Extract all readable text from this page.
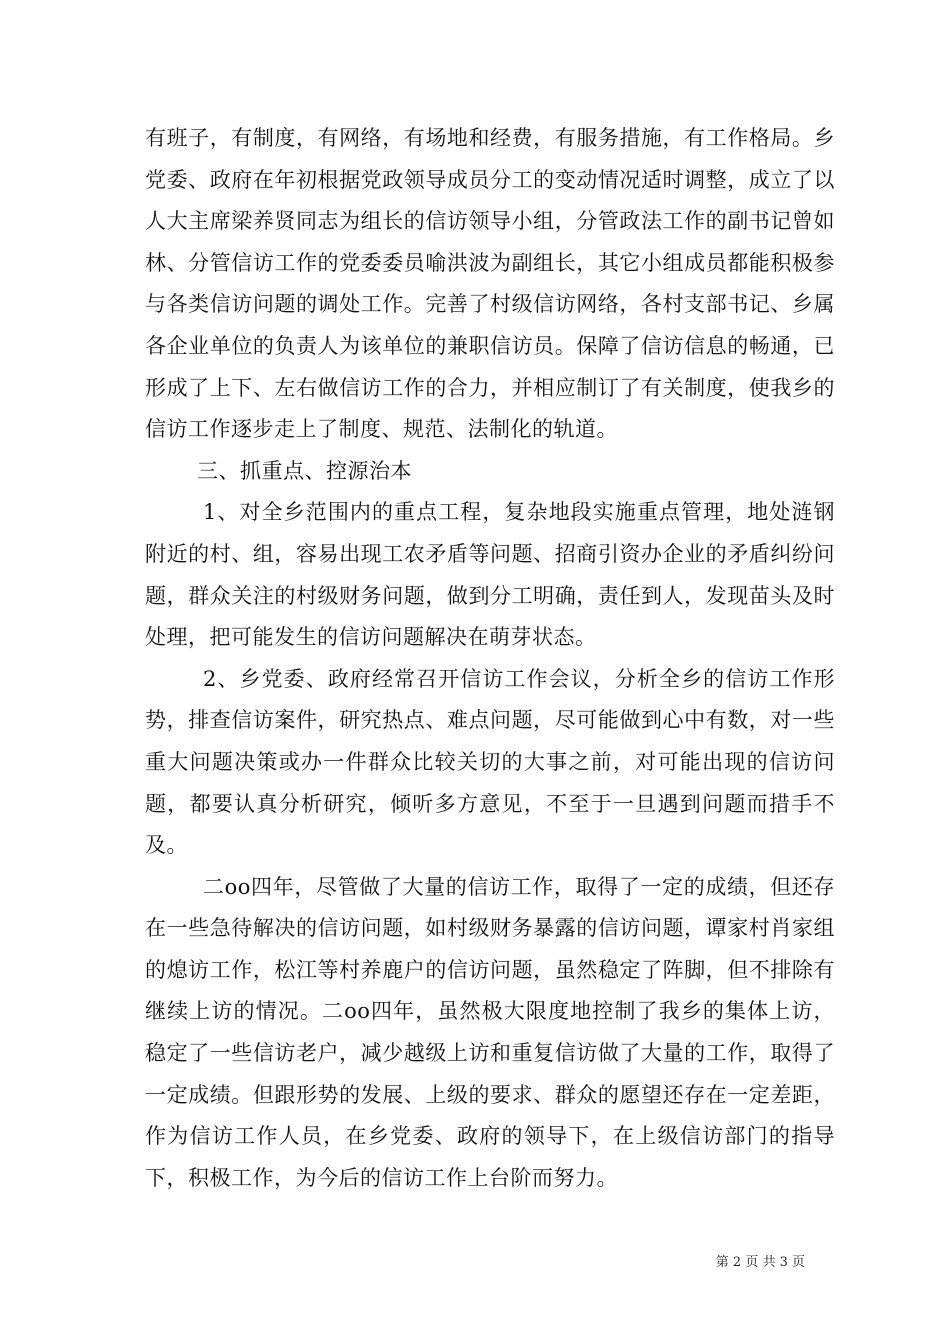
有班子，有制度，有网络，有场地和经费，有服务措施，有工作格局。乡党委、政府在年初根据党政领导成员分工的变动情况适时调整，成立了以人大主席梁养贤同志为组长的信访领导小组，分管政法工作的副书记曾如林、分管信访工作的党委委员喻洪波为副组长，其它小组成员都能积极参与各类信访问题的调处工作。完善了村级信访网络，各村支部书记、乡属各企业单位的负责人为该单位的兼职信访员。保障了信访信息的畅通，已形成了上下、左右做信访工作的合力，并相应制订了有关制度，使我乡的信访工作逐步走上了制度、规范、法制化的轨道。

三、抓重点、控源治本

1、对全乡范围内的重点工程，复杂地段实施重点管理，地处涟钢附近的村、组，容易出现工农矛盾等问题、招商引资办企业的矛盾纠纷问题，群众关注的村级财务问题，做到分工明确，责任到人，发现苗头及时处理，把可能发生的信访问题解决在萌芽状态。

2、乡党委、政府经常召开信访工作会议，分析全乡的信访工作形势，排查信访案件，研究热点、难点问题，尽可能做到心中有数，对一些重大问题决策或办一件群众比较关切的大事之前，对可能出现的信访问题，都要认真分析研究，倾听多方意见，不至于一旦遇到问题而措手不及。

二oo四年，尽管做了大量的信访工作，取得了一定的成绩，但还存在一些急待解决的信访问题，如村级财务暴露的信访问题，谭家村肖家组的熄访工作，松江等村养鹿户的信访问题，虽然稳定了阵脚，但不排除有继续上访的情况。二oo四年，虽然极大限度地控制了我乡的集体上访，稳定了一些信访老户，减少越级上访和重复信访做了大量的工作，取得了一定成绩。但跟形势的发展、上级的要求、群众的愿望还存在一定差距，作为信访工作人员，在乡党委、政府的领导下，在上级信访部门的指导下，积极工作，为今后的信访工作上台阶而努力。

第 2 页 共 3 页
